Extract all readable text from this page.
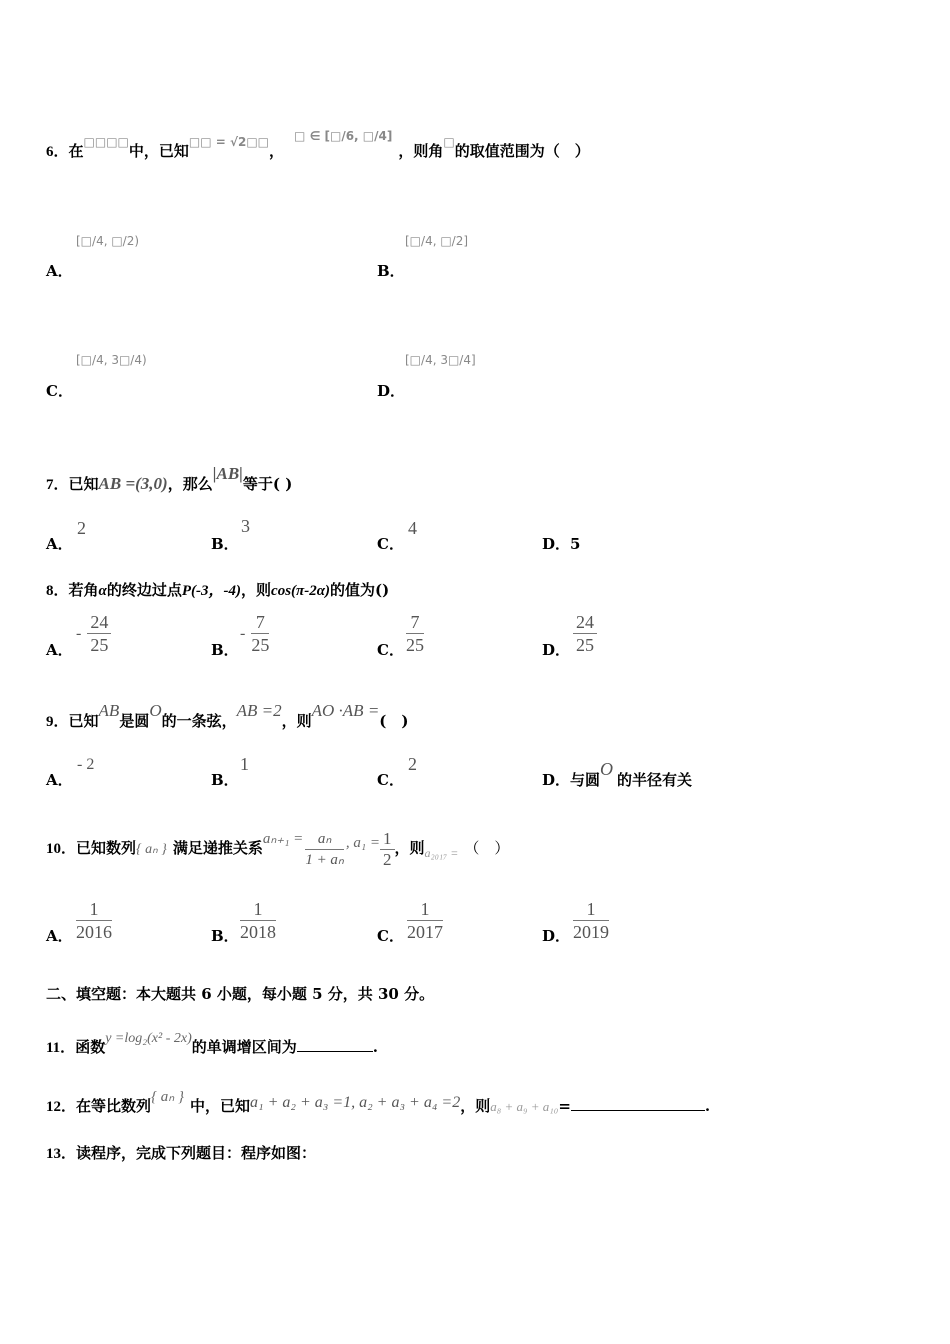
6．在□□□□中，已知$^{□□ = √2□□}$，$^{□ \in [□/6, □/4]}$，则角□的取值范围为（　）
A．
[□/4, □/2)
B．
[□/4, □/2]
C．
[□/4, 3□/4)
D．
[□/4, 3□/4]
7．已知AB =(3,0)，那么|AB|等于( )
A．
2
B．
3
C．
4
D．5
8．若角α的终边过点P(-3，-4)，则cos(π-2α)的值为()
A．
- $\frac{24}{25}$	B．
- $\frac{7}{25}$	C． $\frac{7}{25}$	D． $\frac{24}{25}$
9．已知AB是圆O的一条弦，AB =2，则AO ·AB =(　)
A．
- 2
B．
1
C．
2
D．与圆O的半径有关
10．已知数列{ aₙ } 满足递推关系$a_{n+1} = \frac{\text{aₙ}}{\text{1 + aₙ}}$ , $a_1 = \frac{1}{2}$ ，则$_{a_{2017} =}$ （　）
A． $\frac{1}{2016}$	B． $\frac{1}{2018}$	C． $\frac{1}{2017}$	D． $\frac{1}{2019}$
二、填空题：本大题共 6 小题，每小题 5 分，共 30 分。
11．函数y =log₂(x² - 2x)的单调增区间为	.
12．在等比数列{ aₙ } 中，已知a₁ + a₂ + a₃ =1, a₂ + a₃ + a₄ =2，则a₈ + a₉ + a₁₀=	.
13．读程序，完成下列题目：程序如图：
